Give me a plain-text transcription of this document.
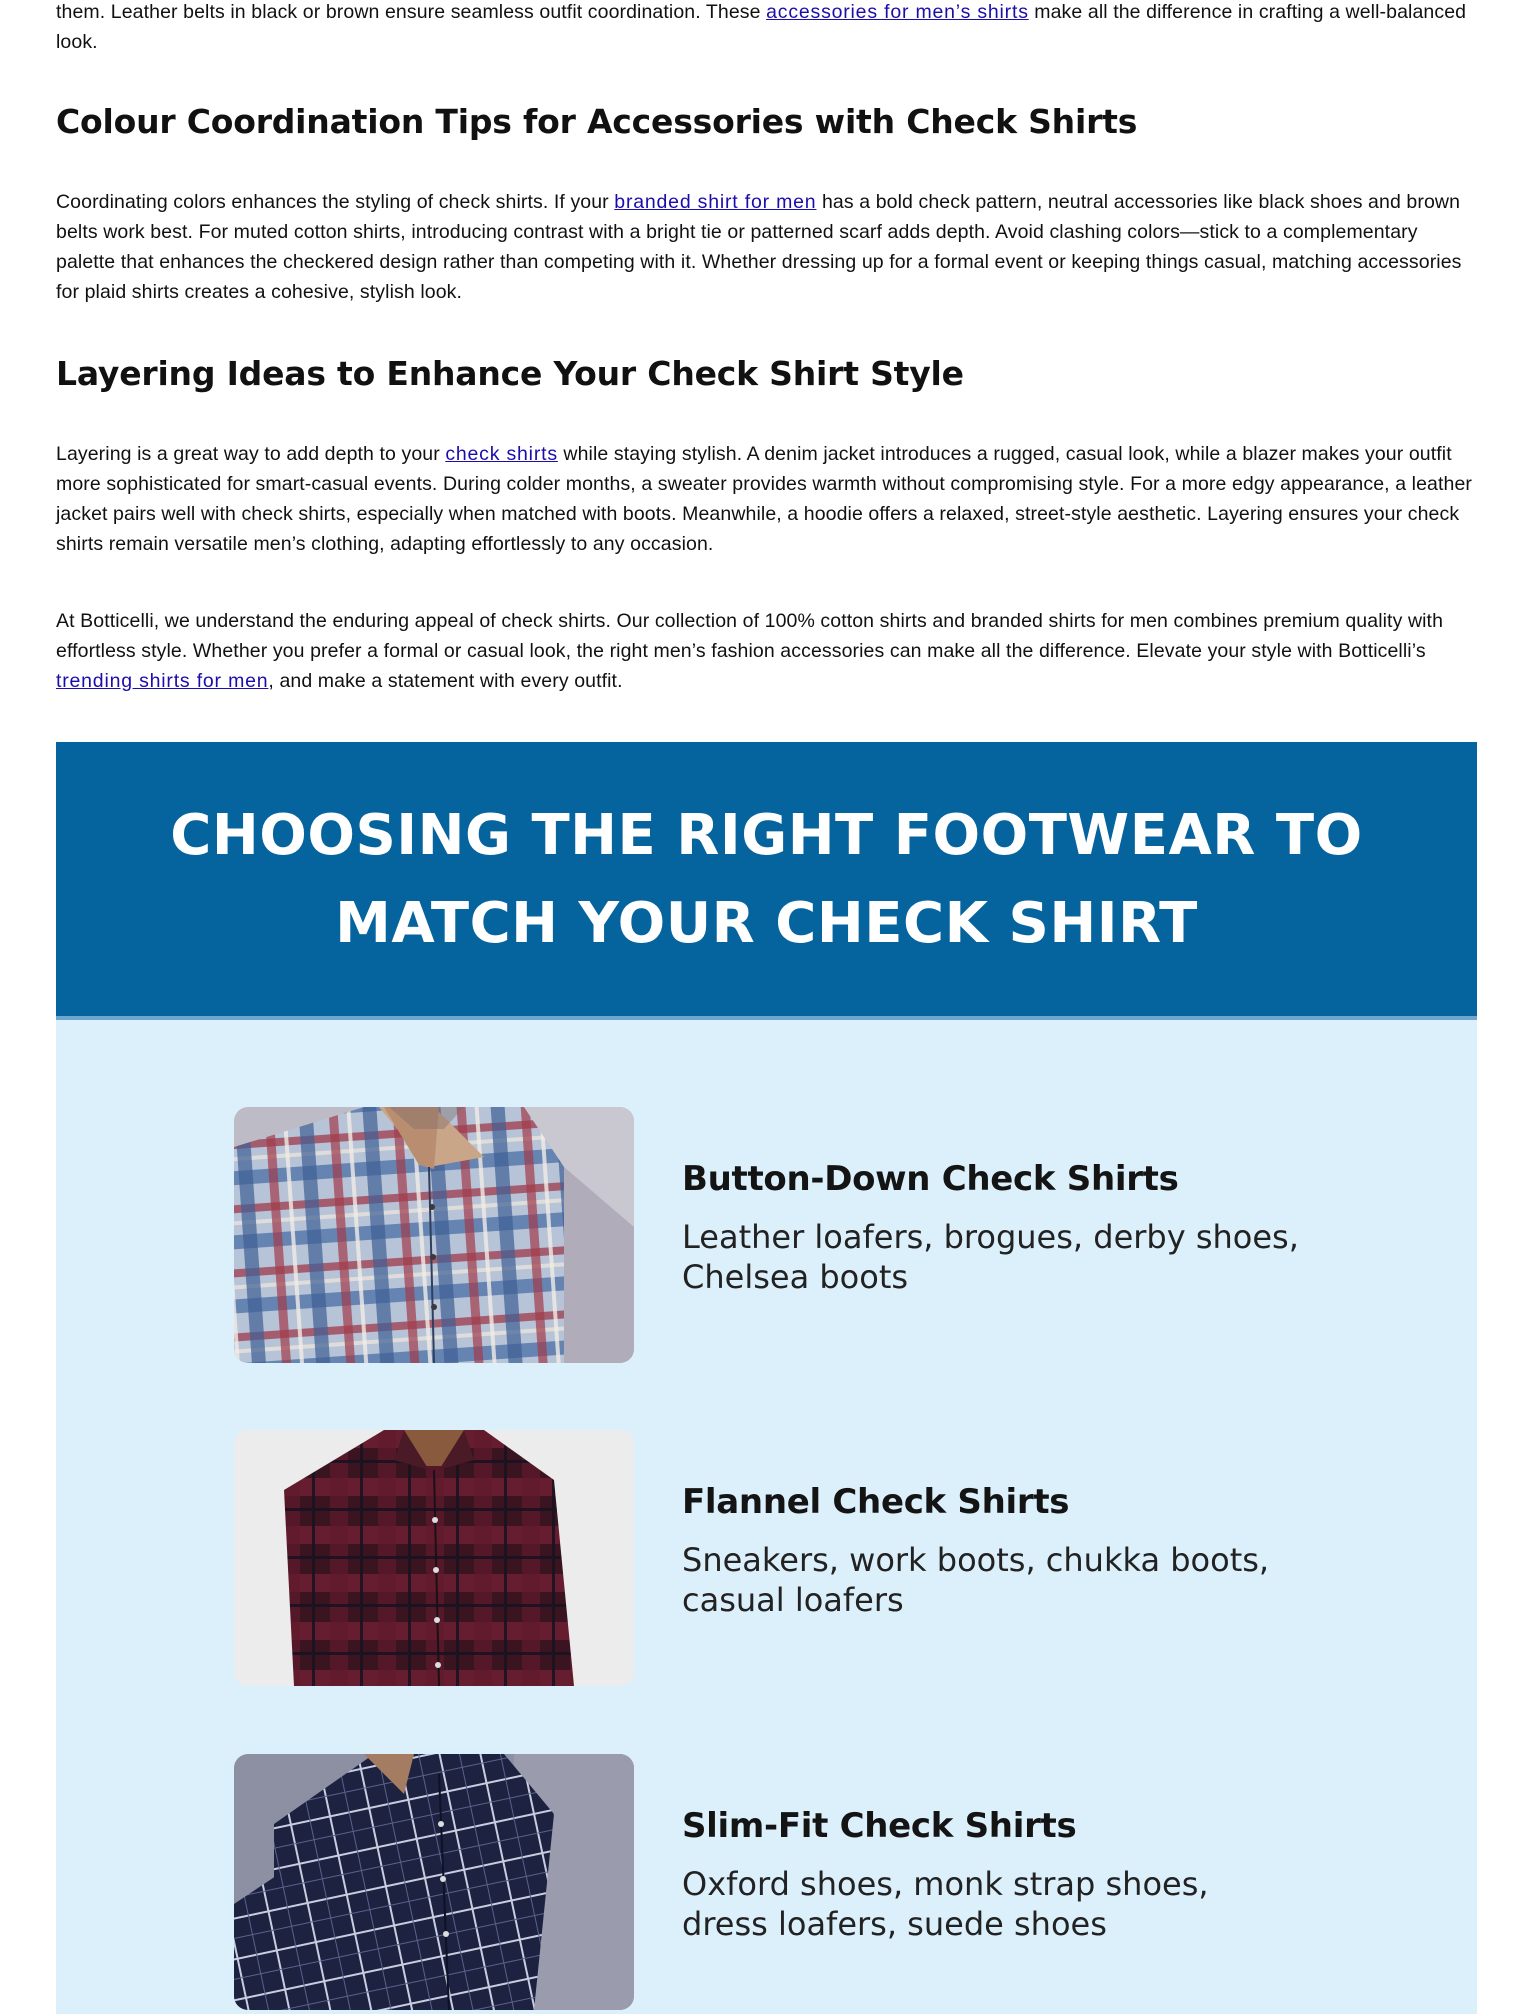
them. Leather belts in black or brown ensure seamless outfit coordination. These accessories for men’s shirts make all the difference in crafting a well-balanced look.

Colour Coordination Tips for Accessories with Check Shirts

Coordinating colors enhances the styling of check shirts. If your branded shirt for men has a bold check pattern, neutral accessories like black shoes and brown belts work best. For muted cotton shirts, introducing contrast with a bright tie or patterned scarf adds depth. Avoid clashing colors—stick to a complementary palette that enhances the checkered design rather than competing with it. Whether dressing up for a formal event or keeping things casual, matching accessories for plaid shirts creates a cohesive, stylish look.

Layering Ideas to Enhance Your Check Shirt Style

Layering is a great way to add depth to your check shirts while staying stylish. A denim jacket introduces a rugged, casual look, while a blazer makes your outfit more sophisticated for smart-casual events. During colder months, a sweater provides warmth without compromising style. For a more edgy appearance, a leather jacket pairs well with check shirts, especially when matched with boots. Meanwhile, a hoodie offers a relaxed, street-style aesthetic. Layering ensures your check shirts remain versatile men’s clothing, adapting effortlessly to any occasion.

At Botticelli, we understand the enduring appeal of check shirts. Our collection of 100% cotton shirts and branded shirts for men combines premium quality with effortless style. Whether you prefer a formal or casual look, the right men’s fashion accessories can make all the difference. Elevate your style with Botticelli’s trending shirts for men, and make a statement with every outfit.

CHOOSING THE RIGHT FOOTWEAR TO
MATCH YOUR CHECK SHIRT

Button-Down Check Shirts

Leather loafers, brogues, derby shoes, Chelsea boots

Flannel Check Shirts

Sneakers, work boots, chukka boots, casual loafers

Slim-Fit Check Shirts

Oxford shoes, monk strap shoes, dress loafers, suede shoes
